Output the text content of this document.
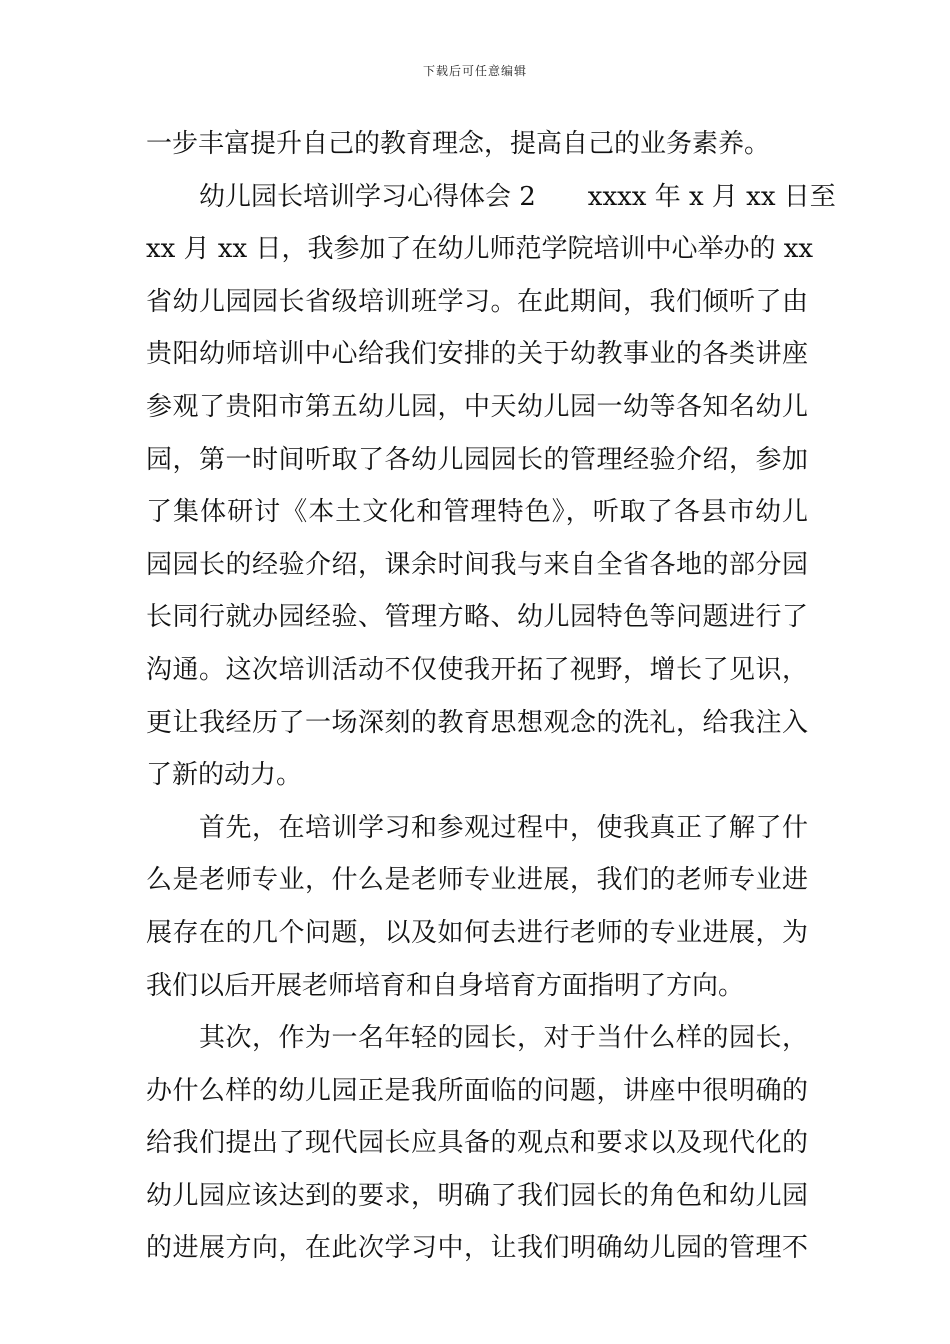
下载后可任意编辑
一步丰富提升自己的教育理念，提高自己的业务素养。
幼儿园长培训学习心得体会 2　　xxxx 年 x 月 xx 日至
xx 月 xx 日，我参加了在幼儿师范学院培训中心举办的 xx
省幼儿园园长省级培训班学习。在此期间，我们倾听了由
贵阳幼师培训中心给我们安排的关于幼教事业的各类讲座
参观了贵阳市第五幼儿园，中天幼儿园一幼等各知名幼儿
园，第一时间听取了各幼儿园园长的管理经验介绍，参加
了集体研讨《本土文化和管理特色》，听取了各县市幼儿
园园长的经验介绍，课余时间我与来自全省各地的部分园
长同行就办园经验、管理方略、幼儿园特色等问题进行了
沟通。这次培训活动不仅使我开拓了视野，增长了见识，
更让我经历了一场深刻的教育思想观念的洗礼，给我注入
了新的动力。
首先，在培训学习和参观过程中，使我真正了解了什
么是老师专业，什么是老师专业进展，我们的老师专业进
展存在的几个问题，以及如何去进行老师的专业进展，为
我们以后开展老师培育和自身培育方面指明了方向。
其次，作为一名年轻的园长，对于当什么样的园长，
办什么样的幼儿园正是我所面临的问题，讲座中很明确的
给我们提出了现代园长应具备的观点和要求以及现代化的
幼儿园应该达到的要求，明确了我们园长的角色和幼儿园
的进展方向，在此次学习中，让我们明确幼儿园的管理不
